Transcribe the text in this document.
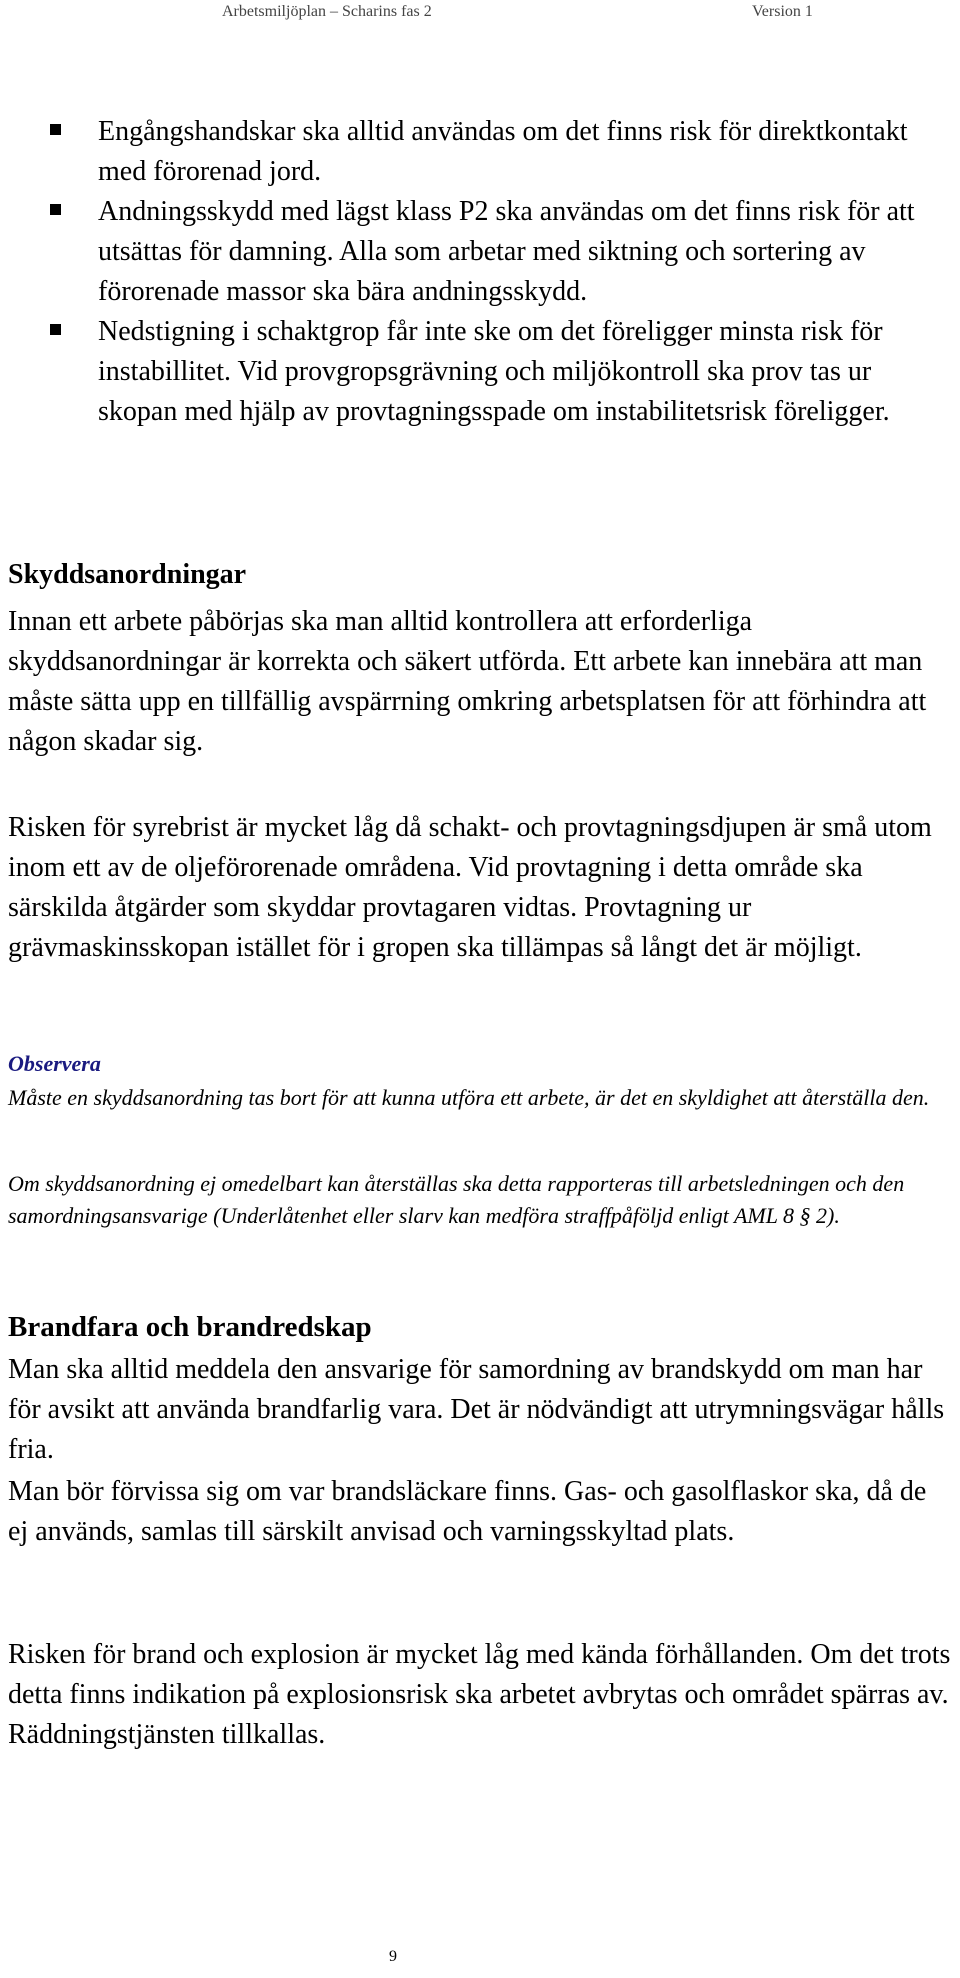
Arbetsmiljöplan – Scharins fas 2	Version 1
Engångshandskar ska alltid användas om det finns risk för direktkontakt med förorenad jord.
Andningsskydd med lägst klass P2 ska användas om det finns risk för att utsättas för damning. Alla som arbetar med siktning och sortering av förorenade massor ska bära andningsskydd.
Nedstigning i schaktgrop får inte ske om det föreligger minsta risk för instabillitet. Vid provgropsgrävning och miljökontroll ska prov tas ur skopan med hjälp av provtagningsspade om instabilitetsrisk föreligger.
Skyddsanordningar

Innan ett arbete påbörjas ska man alltid kontrollera att erforderliga skyddsanordningar är korrekta och säkert utförda. Ett arbete kan innebära att man måste sätta upp en tillfällig avspärrning omkring arbetsplatsen för att förhindra att någon skadar sig.

Risken för syrebrist är mycket låg då schakt- och provtagningsdjupen är små utom inom ett av de oljeförorenade områdena. Vid provtagning i detta område ska särskilda åtgärder som skyddar provtagaren vidtas. Provtagning ur grävmaskinsskopan istället för i gropen ska tillämpas så långt det är möjligt.

Observera

Måste en skyddsanordning tas bort för att kunna utföra ett arbete, är det en skyldighet att återställa den.

Om skyddsanordning ej omedelbart kan återställas ska detta rapporteras till arbetsledningen och den samordningsansvarige (Underlåtenhet eller slarv kan medföra straffpåföljd enligt AML 8 § 2).

Brandfara och brandredskap

Man ska alltid meddela den ansvarige för samordning av brandskydd om man har för avsikt att använda brandfarlig vara. Det är nödvändigt att utrymningsvägar hålls fria.

Man bör förvissa sig om var brandsläckare finns. Gas- och gasolflaskor ska, då de ej används, samlas till särskilt anvisad och varningsskyltad plats.

Risken för brand och explosion är mycket låg med kända förhållanden. Om det trots detta finns indikation på explosionsrisk ska arbetet avbrytas och området spärras av. Räddningstjänsten tillkallas.

9
